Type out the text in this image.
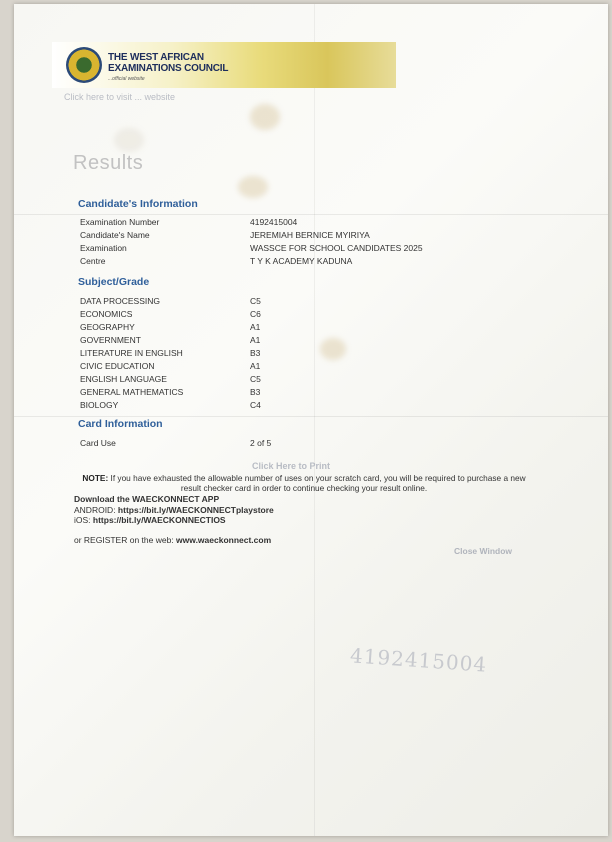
THE WEST AFRICAN
EXAMINATIONS COUNCIL
...official website
Click here to visit ... website
Results
Candidate's Information
Examination Number	4192415004
Candidate's Name	JEREMIAH BERNICE MYIRIYA
Examination	WASSCE FOR SCHOOL CANDIDATES 2025
Centre	T Y K ACADEMY KADUNA
Subject/Grade
DATA PROCESSING	C5
ECONOMICS	C6
GEOGRAPHY	A1
GOVERNMENT	A1
LITERATURE IN ENGLISH	B3
CIVIC EDUCATION	A1
ENGLISH LANGUAGE	C5
GENERAL MATHEMATICS	B3
BIOLOGY	C4
Card Information
Card Use	2 of 5
Click Here to Print
NOTE: If you have exhausted the allowable number of uses on your scratch card, you will be required to purchase a new result checker card in order to continue checking your result online.
Download the WAECKONNECT APP
ANDROID: https://bit.ly/WAECKONNECTplaystore
iOS: https://bit.ly/WAECKONNECTIOS
or REGISTER on the web: www.waeckonnect.com
Close Window
4192415004
